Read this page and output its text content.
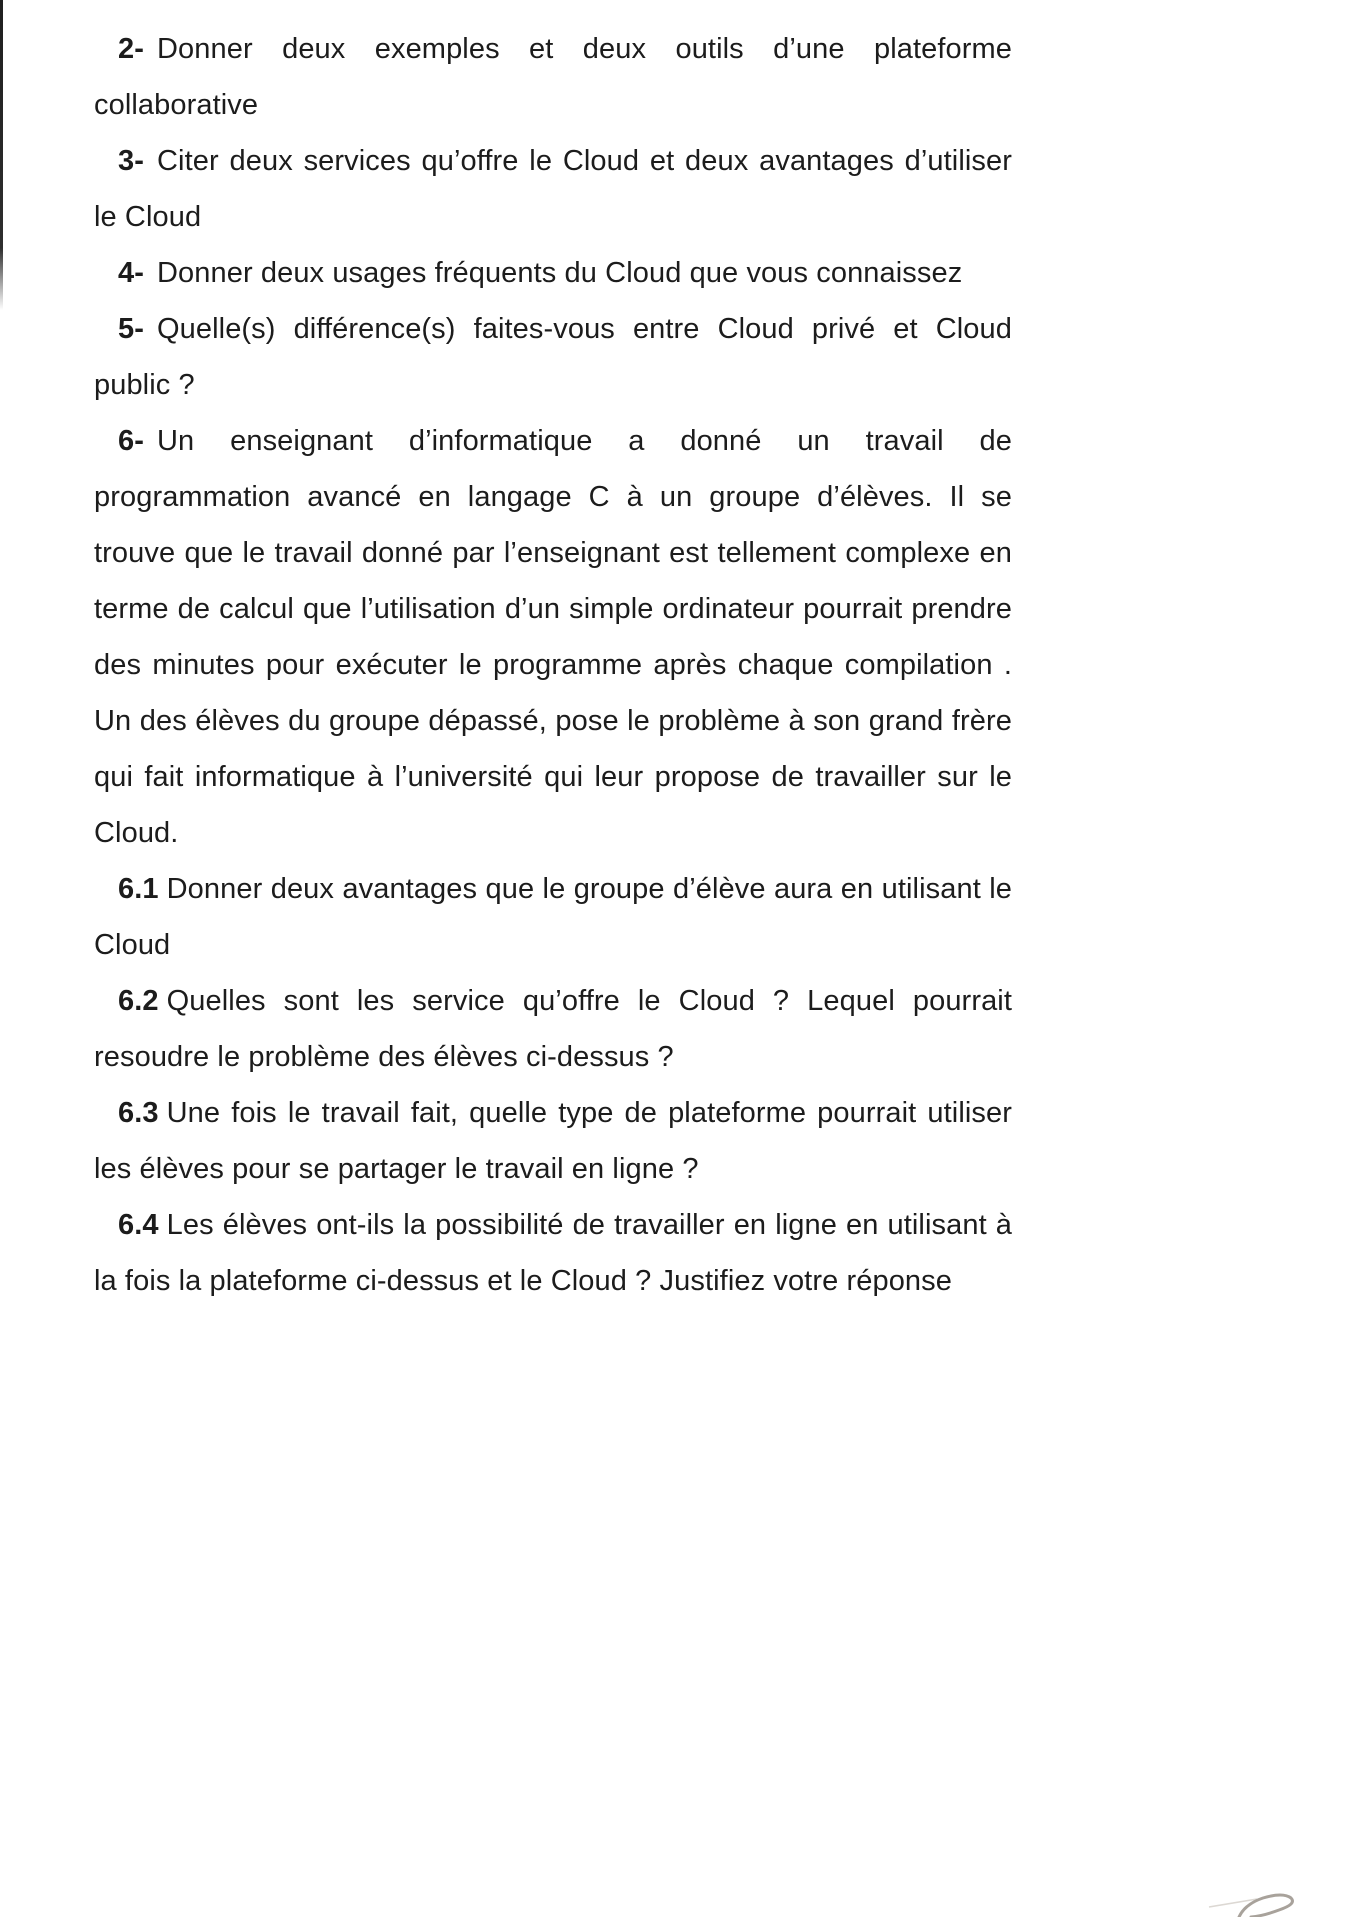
2- Donner deux exemples et deux outils d’une plateforme collaborative

3- Citer deux services qu’offre le Cloud et deux avantages d’utiliser le Cloud

4- Donner deux usages fréquents du Cloud que vous connaissez

5- Quelle(s) différence(s) faites-vous entre Cloud privé et Cloud public ?

6- Un enseignant d’informatique a donné un travail de programmation avancé en langage C à un groupe d’élèves. Il se trouve que le travail donné par l’enseignant est tellement complexe en terme de calcul que l’utilisation d’un simple ordinateur pourrait prendre des minutes pour exécuter le programme après chaque compilation . Un des élèves du groupe dépassé, pose le problème à son grand frère qui fait informatique à l’université qui leur propose de travailler sur le Cloud.

6.1 Donner deux avantages que le groupe d’élève aura en utilisant le Cloud

6.2 Quelles sont les service qu’offre le Cloud ? Lequel pourrait resoudre le problème des élèves ci-dessus ?

6.3 Une fois le travail fait, quelle type de plateforme pourrait utiliser les élèves pour se partager le travail en ligne ?

6.4 Les élèves ont-ils la possibilité de travailler en ligne en utilisant à la fois la plateforme ci-dessus et le Cloud ? Justifiez votre réponse
